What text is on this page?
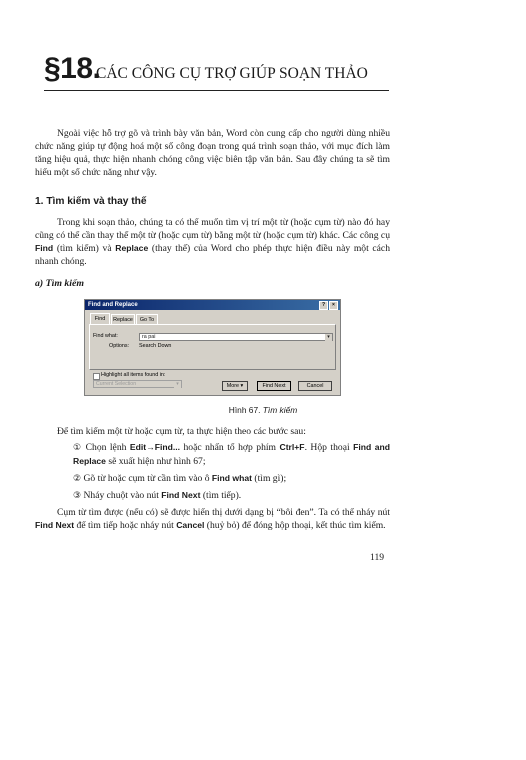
§18.
CÁC CÔNG CỤ TRỢ GIÚP SOẠN THẢO

Ngoài việc hỗ trợ gõ và trình bày văn bản, Word còn cung cấp cho người dùng nhiều chức năng giúp tự động hoá một số công đoạn trong quá trình soạn thảo, với mục đích làm tăng hiệu quả, thực hiện nhanh chóng công việc biên tập văn bản. Sau đây chúng ta sẽ tìm hiểu một số chức năng như vậy.

1. Tìm kiếm và thay thế

Trong khi soạn thảo, chúng ta có thể muốn tìm vị trí một từ (hoặc cụm từ) nào đó hay cũng có thể cần thay thế một từ (hoặc cụm từ) bằng một từ (hoặc cụm từ) khác. Các công cụ Find (tìm kiếm) và Replace (thay thế) của Word cho phép thực hiện điều này một cách nhanh chóng.

a) Tìm kiếm
Find and Replace	?	×
Find	Replace	Go To
Find what:	ra pai	▾
Options: Search Down
Highlight all items found in:
Current Selection	▾	More ▾	Find Next	Cancel
Hình 67. Tìm kiếm

Để tìm kiếm một từ hoặc cụm từ, ta thực hiện theo các bước sau:

① Chọn lệnh Edit→Find... hoặc nhấn tổ hợp phím Ctrl+F. Hộp thoại Find and Replace sẽ xuất hiện như hình 67;

② Gõ từ hoặc cụm từ cần tìm vào ô Find what (tìm gì);

③ Nháy chuột vào nút Find Next (tìm tiếp).

Cụm từ tìm được (nếu có) sẽ được hiển thị dưới dạng bị “bôi đen”. Ta có thể nháy nút Find Next để tìm tiếp hoặc nháy nút Cancel (huỷ bỏ) để đóng hộp thoại, kết thúc tìm kiếm.

119
